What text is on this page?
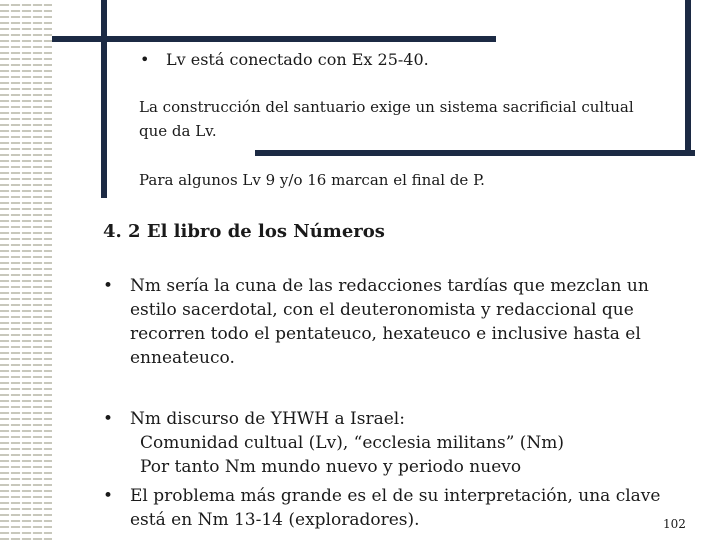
• Lv está conectado con Ex 25-40.
La construcción del santuario exige un sistema sacrificial cultual
que da Lv.
Para algunos Lv 9 y/o 16 marcan el final de P.
4. 2 El libro de los Números
• Nm sería la cuna de las redacciones tardías que mezclan un
estilo sacerdotal, con el deuteronomista y redaccional que
recorren todo el pentateuco, hexateuco e inclusive hasta el
enneateuco.
• Nm discurso de YHWH a Israel:
Comunidad cultual (Lv), “ecclesia militans” (Nm)
Por tanto Nm mundo nuevo y periodo nuevo
• El problema más grande es el de su interpretación, una clave
está en Nm 13-14 (exploradores).	102
